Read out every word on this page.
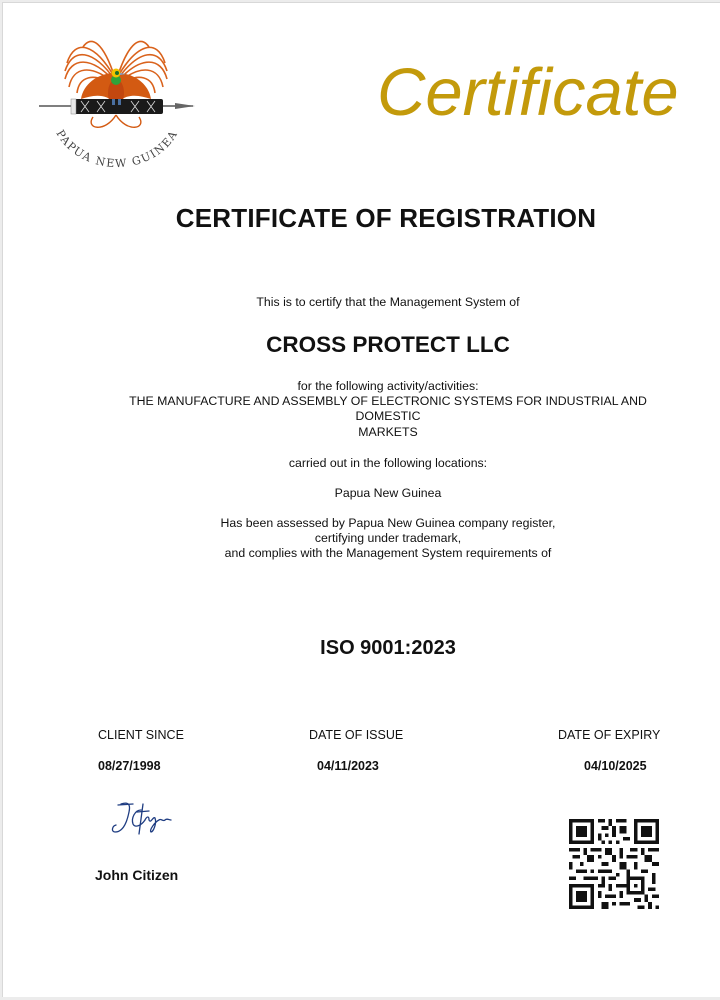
PAPUA NEW GUINEA
Certificate
CERTIFICATE OF REGISTRATION
This is to certify that the Management System of
CROSS PROTECT LLC
for the following activity/activities:
THE MANUFACTURE AND ASSEMBLY OF ELECTRONIC SYSTEMS FOR INDUSTRIAL AND
DOMESTIC
MARKETS
carried out in the following locations:
Papua New Guinea
Has been assessed by Papua New Guinea company register,
certifying under trademark,
and complies with the Management System requirements of
ISO 9001:2023
CLIENT SINCE
08/27/1998
DATE OF ISSUE
04/11/2023
DATE OF EXPIRY
04/10/2025
John Citizen
